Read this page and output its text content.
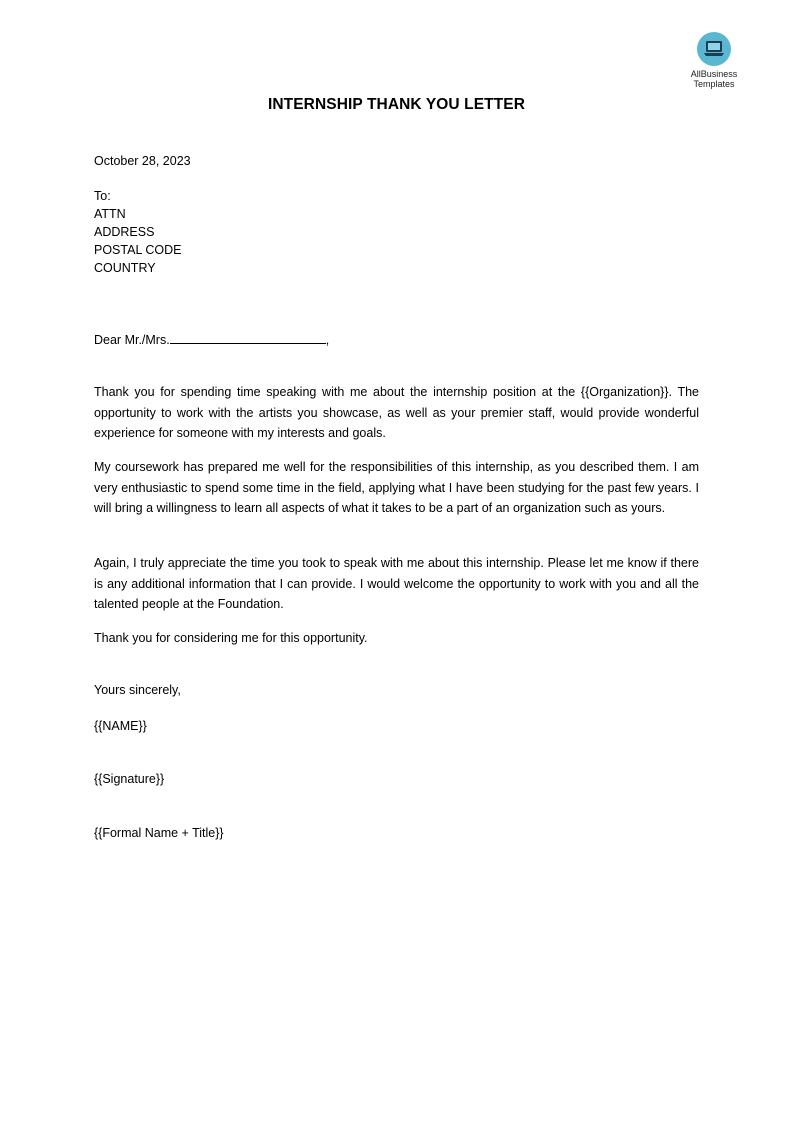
AllBusiness
Templates
INTERNSHIP THANK YOU LETTER
October 28, 2023
To:
ATTN
ADDRESS
POSTAL CODE
COUNTRY
Dear Mr./Mrs.	,
Thank you for spending time speaking with me about the internship position at the {{Organization}}. The opportunity to work with the artists you showcase, as well as your premier staff, would provide wonderful experience for someone with my interests and goals.
My coursework has prepared me well for the responsibilities of this internship, as you described them. I am very enthusiastic to spend some time in the field, applying what I have been studying for the past few years. I will bring a willingness to learn all aspects of what it takes to be a part of an organization such as yours.
Again, I truly appreciate the time you took to speak with me about this internship. Please let me know if there is any additional information that I can provide. I would welcome the opportunity to work with you and all the talented people at the Foundation.
Thank you for considering me for this opportunity.
Yours sincerely,
{{NAME}}
{{Signature}}
{{Formal Name + Title}}
